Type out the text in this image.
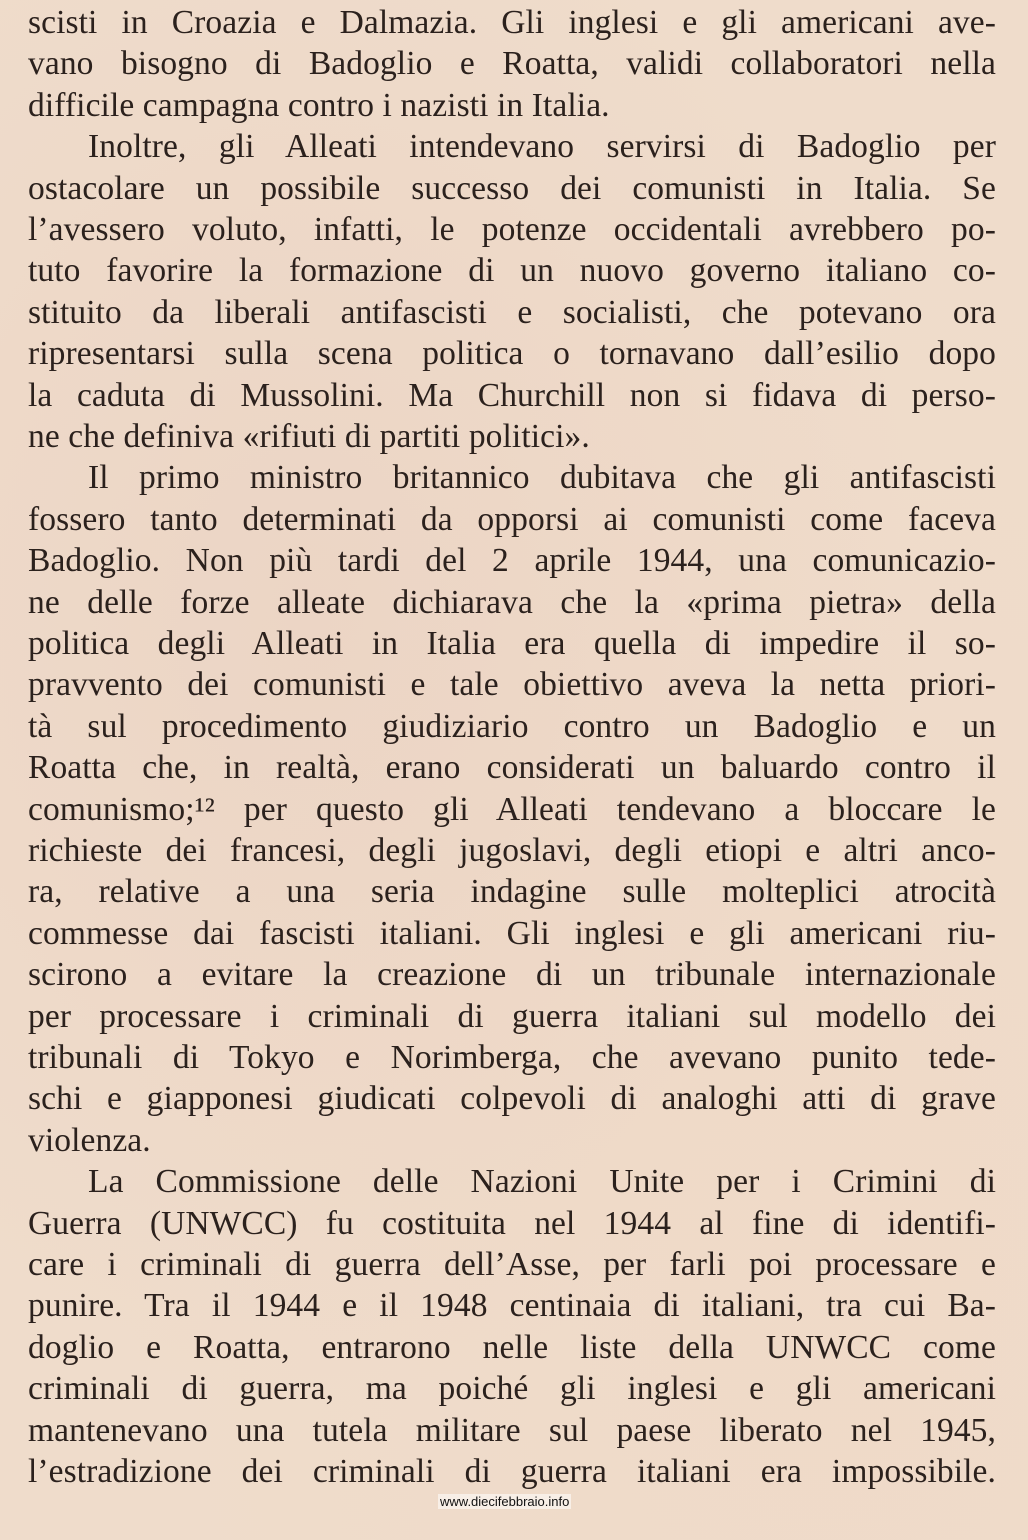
scisti in Croazia e Dalmazia. Gli inglesi e gli americani ave-
vano bisogno di Badoglio e Roatta, validi collaboratori nella
difficile campagna contro i nazisti in Italia.
Inoltre, gli Alleati intendevano servirsi di Badoglio per
ostacolare un possibile successo dei comunisti in Italia. Se
l’avessero voluto, infatti, le potenze occidentali avrebbero po-
tuto favorire la formazione di un nuovo governo italiano co-
stituito da liberali antifascisti e socialisti, che potevano ora
ripresentarsi sulla scena politica o tornavano dall’esilio dopo
la caduta di Mussolini. Ma Churchill non si fidava di perso-
ne che definiva «rifiuti di partiti politici».
Il primo ministro britannico dubitava che gli antifascisti
fossero tanto determinati da opporsi ai comunisti come faceva
Badoglio. Non più tardi del 2 aprile 1944, una comunicazio-
ne delle forze alleate dichiarava che la «prima pietra» della
politica degli Alleati in Italia era quella di impedire il so-
pravvento dei comunisti e tale obiettivo aveva la netta priori-
tà sul procedimento giudiziario contro un Badoglio e un
Roatta che, in realtà, erano considerati un baluardo contro il
comunismo;¹² per questo gli Alleati tendevano a bloccare le
richieste dei francesi, degli jugoslavi, degli etiopi e altri anco-
ra, relative a una seria indagine sulle molteplici atrocità
commesse dai fascisti italiani. Gli inglesi e gli americani riu-
scirono a evitare la creazione di un tribunale internazionale
per processare i criminali di guerra italiani sul modello dei
tribunali di Tokyo e Norimberga, che avevano punito tede-
schi e giapponesi giudicati colpevoli di analoghi atti di grave
violenza.
La Commissione delle Nazioni Unite per i Crimini di
Guerra (UNWCC) fu costituita nel 1944 al fine di identifi-
care i criminali di guerra dell’Asse, per farli poi processare e
punire. Tra il 1944 e il 1948 centinaia di italiani, tra cui Ba-
doglio e Roatta, entrarono nelle liste della UNWCC come
criminali di guerra, ma poiché gli inglesi e gli americani
mantenevano una tutela militare sul paese liberato nel 1945,
l’estradizione dei criminali di guerra italiani era impossibile.
www.diecifebbraio.info
